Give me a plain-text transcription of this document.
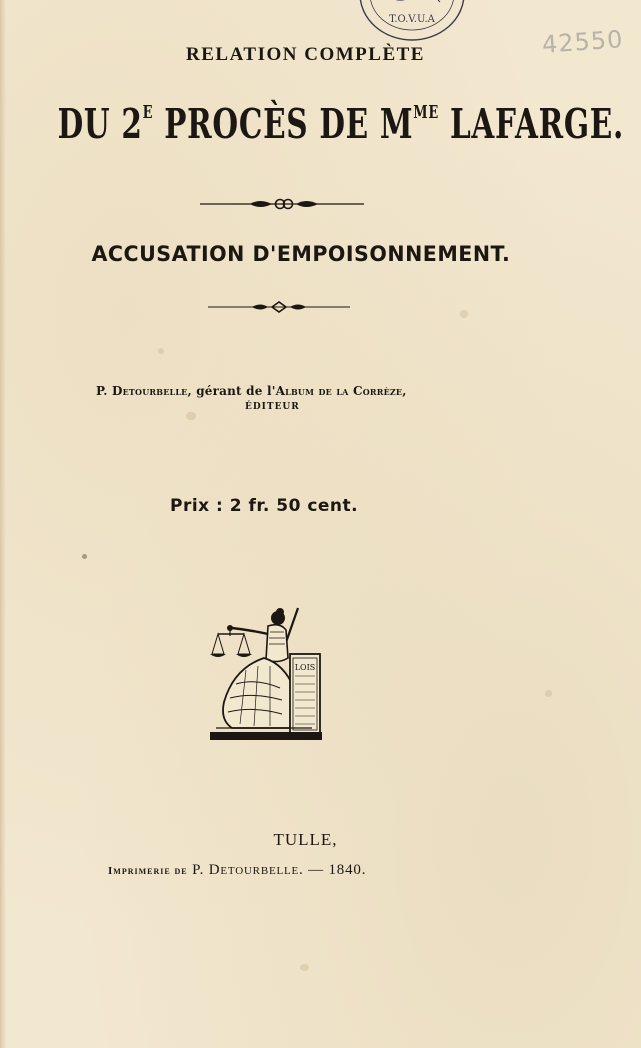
T.O.V.U.A
42550
RELATION COMPLÈTE
DU $2^E$ PROCÈS DE $M^{ME}$ LAFARGE.
ACCUSATION D'EMPOISONNEMENT.
P. Detourbelle, gérant de l'Album de la Corrèze,
ÉDITEUR
Prix : 2 fr. 50 cent.
LOIS
TULLE,
Imprimerie de P. Detourbelle. — 1840.
